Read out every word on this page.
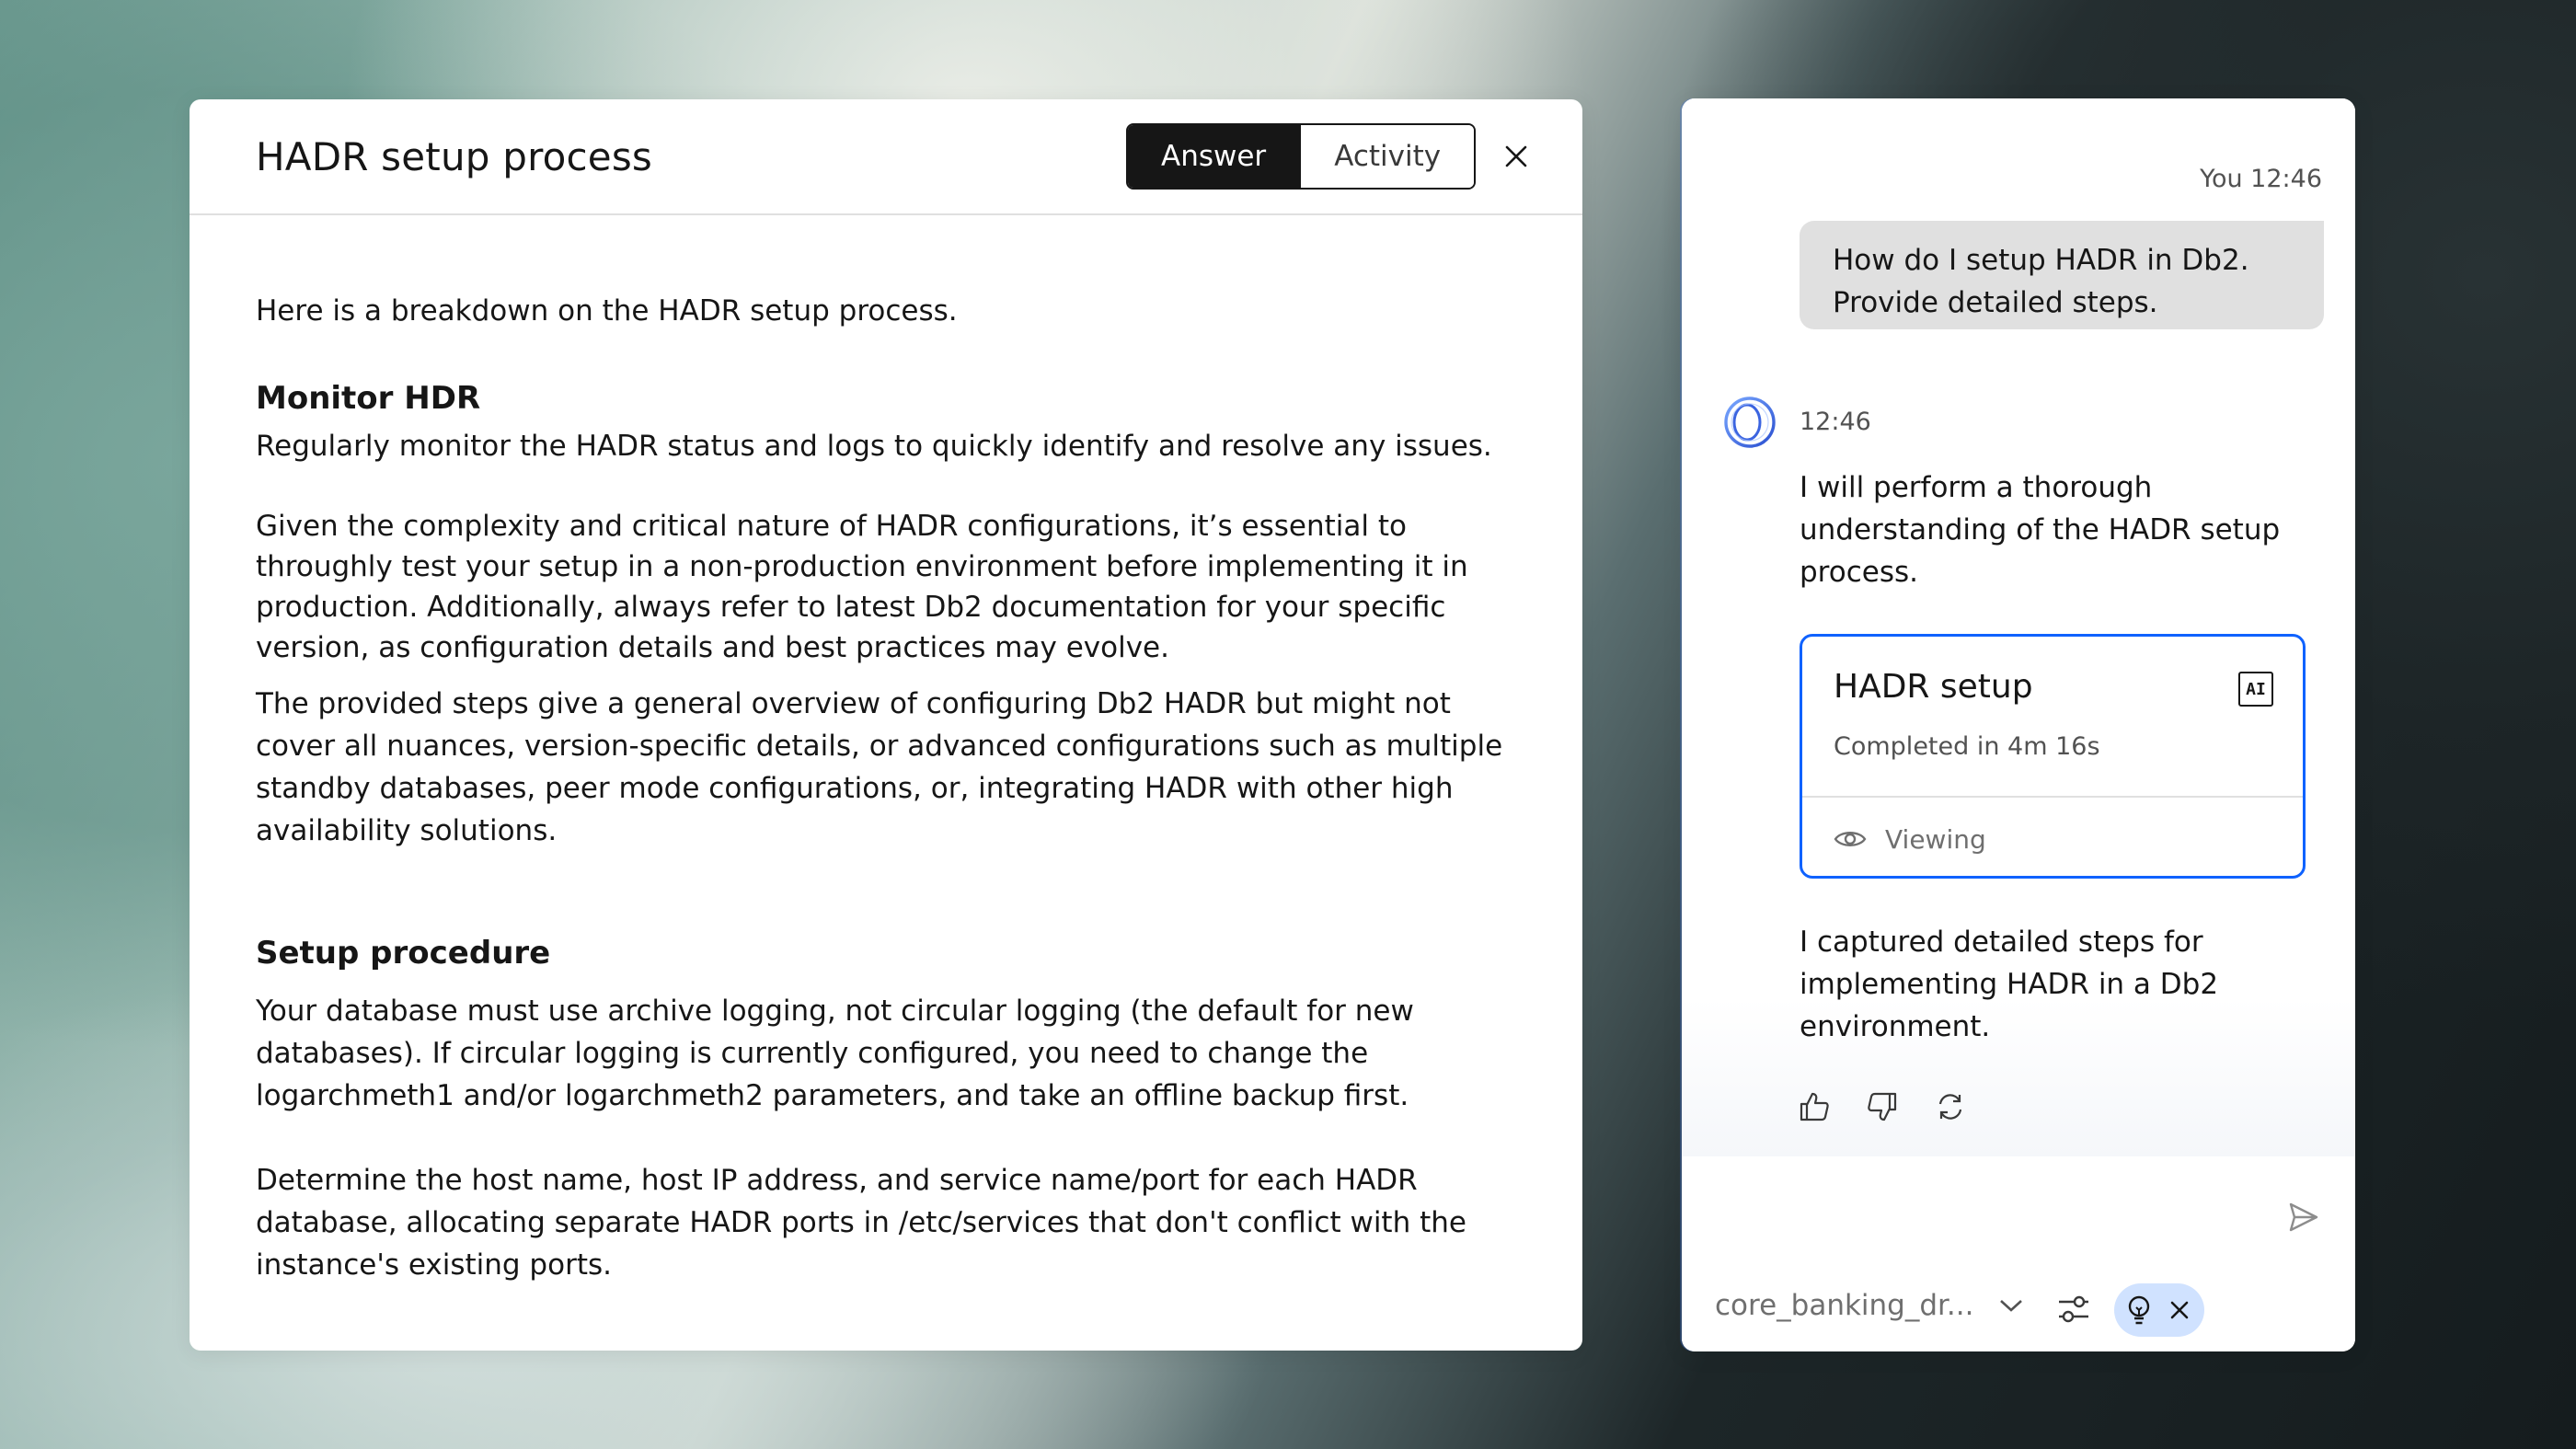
HADR setup process	Answer	Activity

Here is a breakdown on the HADR setup process.

Monitor HDR

Regularly monitor the HADR status and logs to quickly identify and resolve any issues.

Given the complexity and critical nature of HADR configurations, it’s essential to throughly test your setup in a non-production environment before implementing it in production. Additionally, always refer to latest Db2 documentation for your specific version, as configuration details and best practices may evolve.

The provided steps give a general overview of configuring Db2 HADR but might not cover all nuances, version-specific details, or advanced configurations such as multiple standby databases, peer mode configurations, or, integrating HADR with other high availability solutions.

Setup procedure

Your database must use archive logging, not circular logging (the default for new databases). If circular logging is currently configured, you need to change the logarchmeth1 and/or logarchmeth2 parameters, and take an offline backup first.

Determine the host name, host IP address, and service name/port for each HADR database, allocating separate HADR ports in /etc/services that don't conflict with the instance's existing ports.

You 12:46
How do I setup HADR in Db2. Provide detailed steps.
12:46
I will perform a thorough understanding of the HADR setup process.
HADR setup	AI
Completed in 4m 16s
Viewing
I captured detailed steps for implementing HADR in a Db2 environment.
core_banking_dr...
